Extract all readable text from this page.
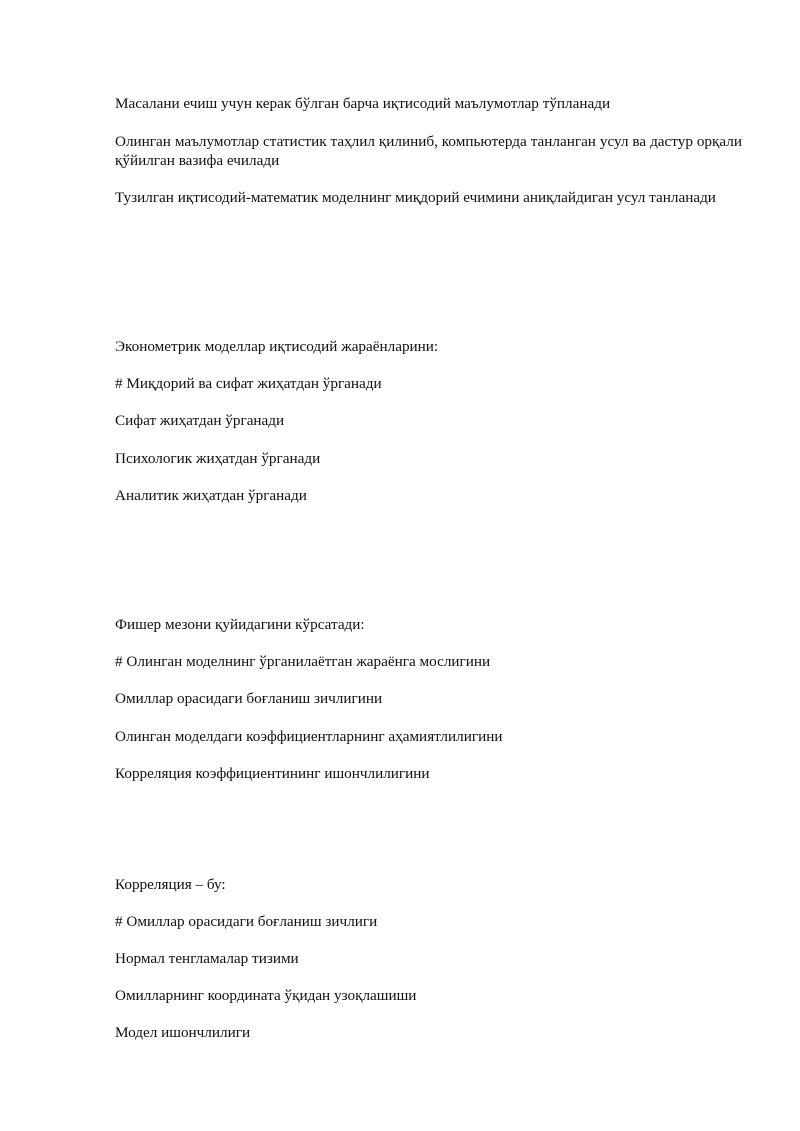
Масалани ечиш учун керак бўлган барча иқтисодий маълумотлар тўпланади

Олинган маълумотлар статистик таҳлил қилиниб, компьютерда танланган усул ва дастур орқали қўйилган вазифа ечилади

Тузилган иқтисодий-математик моделнинг миқдорий ечимини аниқлайдиган усул танланади

Эконометрик моделлар иқтисодий жараёнларини:

# Миқдорий ва сифат жиҳатдан ўрганади

Сифат жиҳатдан ўрганади

Психологик жиҳатдан ўрганади

Аналитик жиҳатдан ўрганади

Фишер мезони қуйидагини кўрсатади:

# Олинган моделнинг ўрганилаётган жараёнга мослигини

Омиллар орасидаги боғланиш зичлигини

Олинган моделдаги коэффициентларнинг аҳамиятлилигини

Корреляция коэффициентининг ишончлилигини

Корреляция – бу:

# Омиллар орасидаги боғланиш зичлиги

Нормал тенгламалар тизими

Омилларнинг координата ўқидан узоқлашиши

Модел ишончлилиги
